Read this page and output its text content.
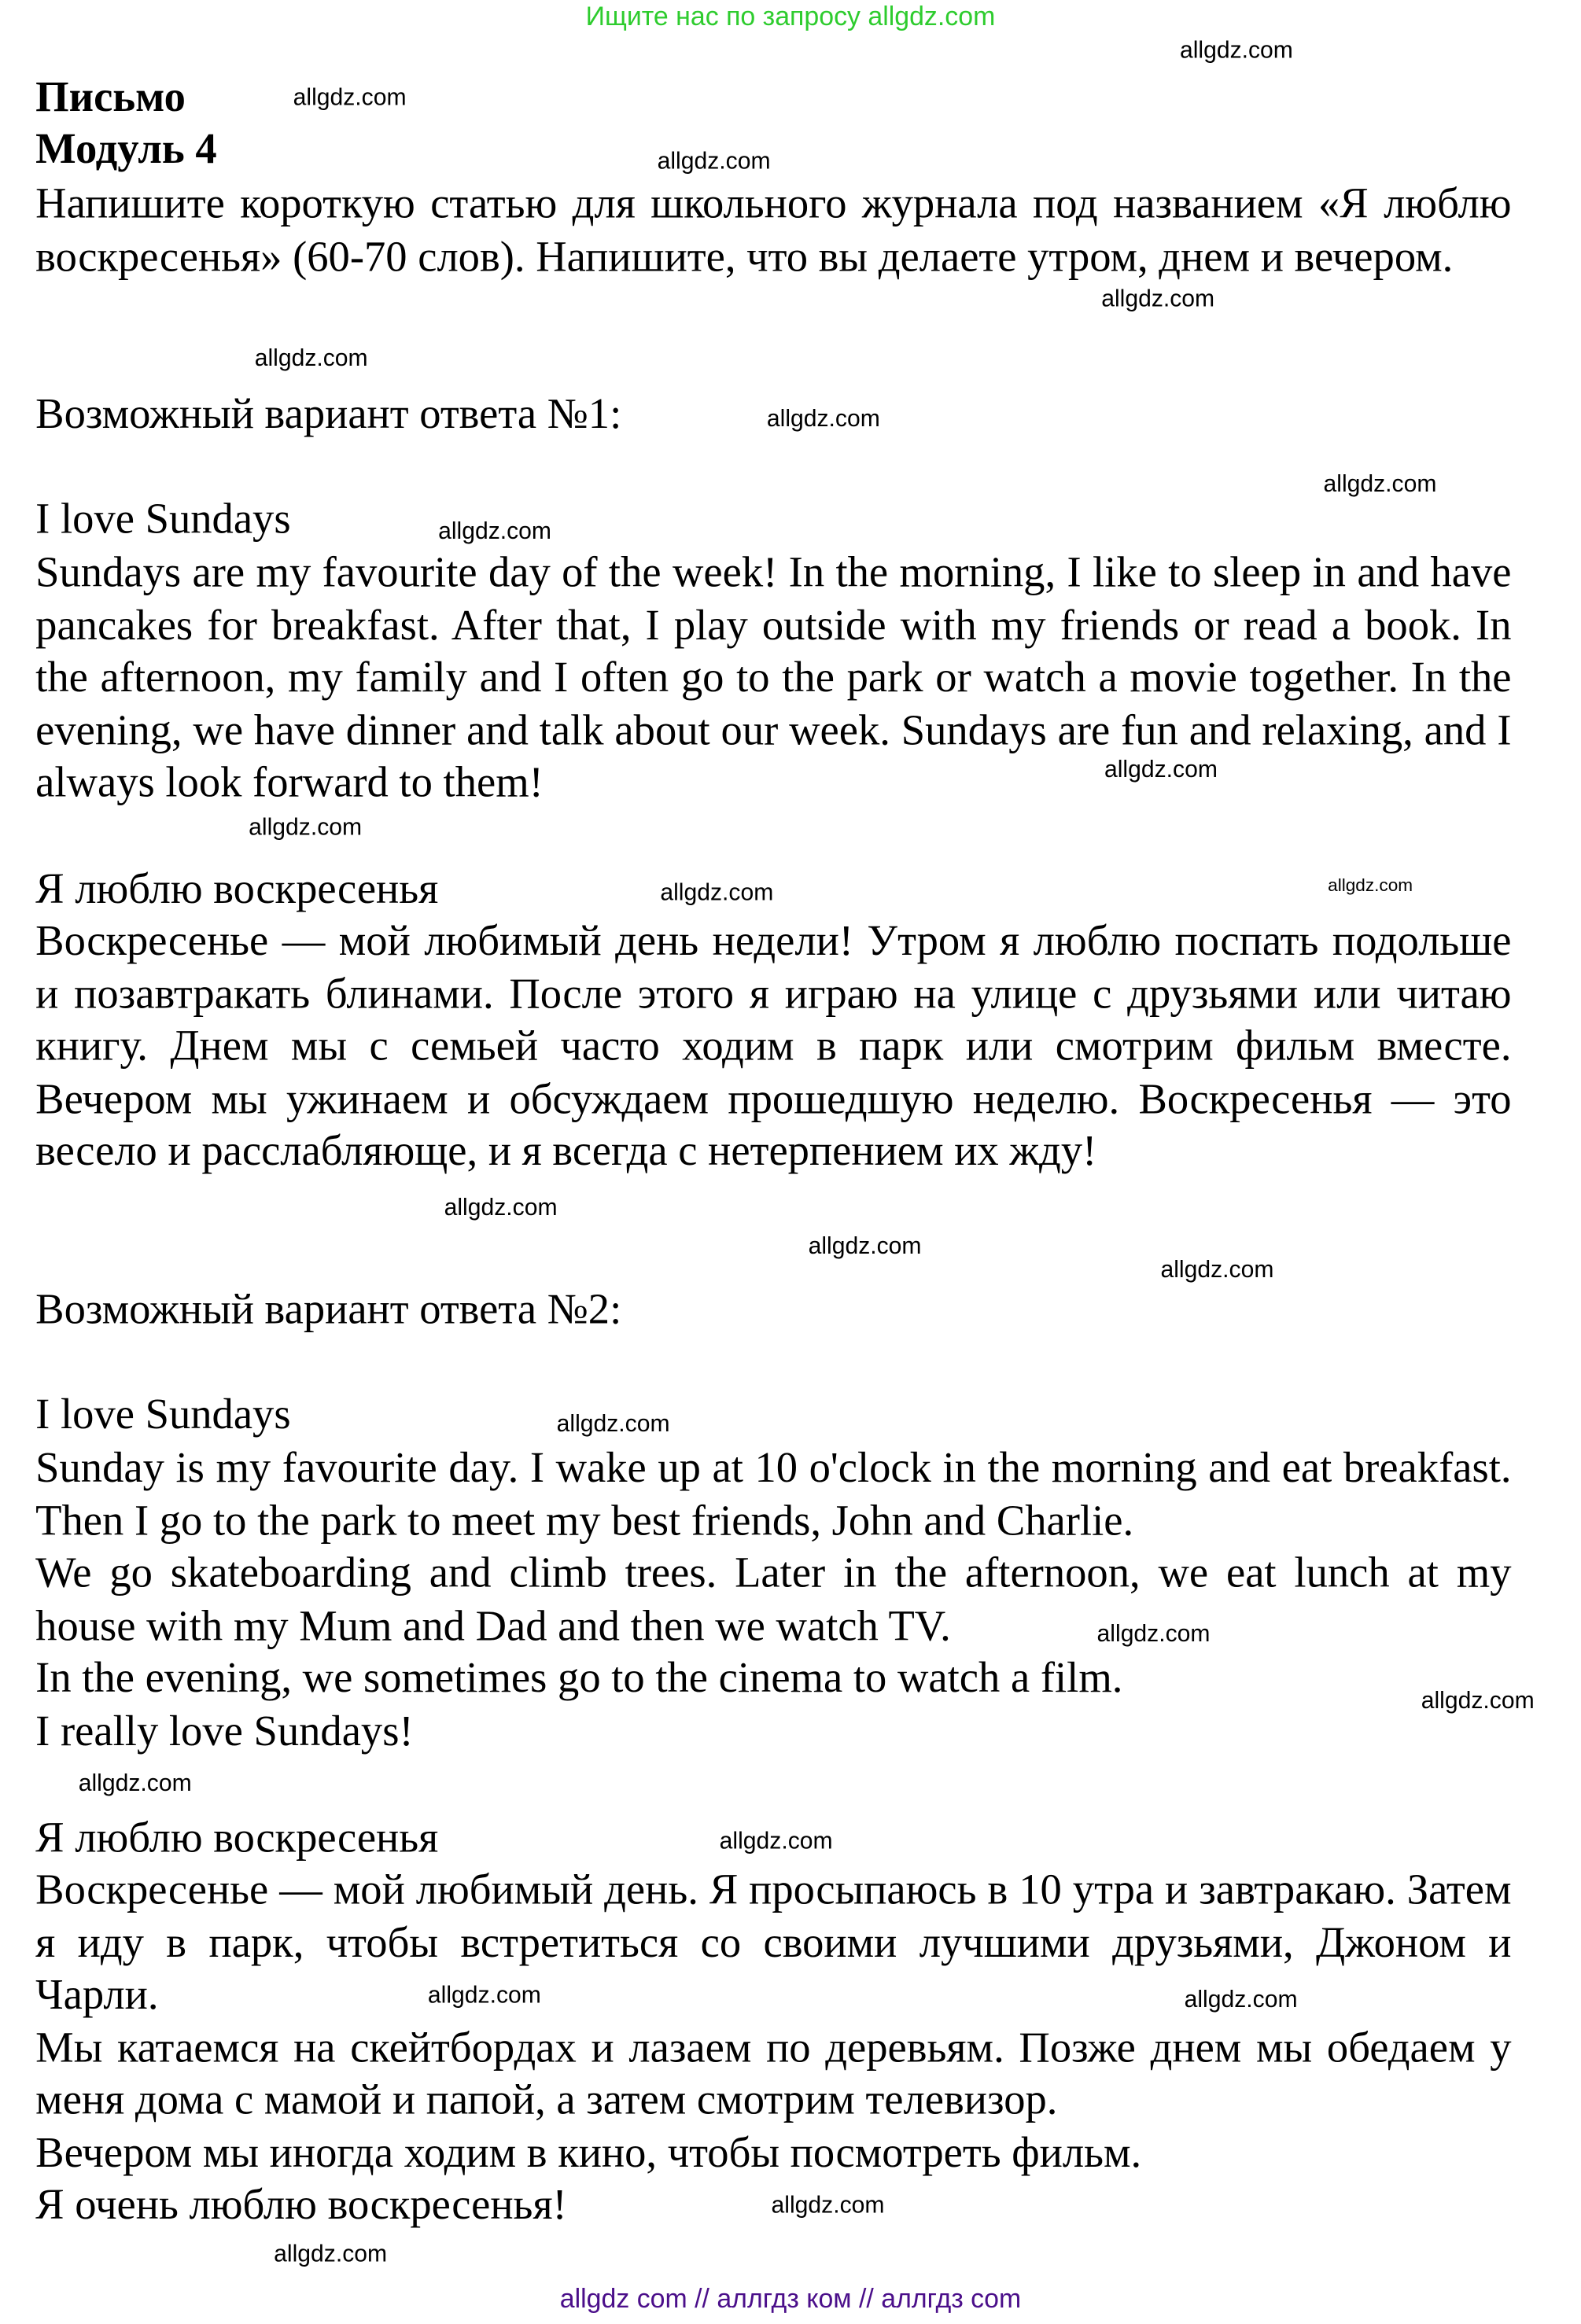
Ищите нас по запросу allgdz.com
Письмо
Модуль 4

Напишите короткую статью для школьного журнала под названием «Я люблю воскресенья» (60-70 слов). Напишите, что вы делаете утром, днем и вечером.

Возможный вариант ответа №1:
I love Sundays

Sundays are my favourite day of the week! In the morning, I like to sleep in and have pancakes for breakfast. After that, I play outside with my friends or read a book. In the afternoon, my family and I often go to the park or watch a movie together. In the evening, we have dinner and talk about our week. Sundays are fun and relaxing, and I always look forward to them!

Я люблю воскресенья

Воскресенье — мой любимый день недели! Утром я люблю поспать подольше и позавтракать блинами. После этого я играю на улице с друзьями или читаю книгу. Днем мы с семьей часто ходим в парк или смотрим фильм вместе. Вечером мы ужинаем и обсуждаем прошедшую неделю. Воскресенья — это весело и расслабляюще, и я всегда с нетерпением их жду!

Возможный вариант ответа №2:
I love Sundays

Sunday is my favourite day. I wake up at 10 o'clock in the morning and eat breakfast. Then I go to the park to meet my best friends, John and Charlie.

We go skateboarding and climb trees. Later in the afternoon, we eat lunch at my house with my Mum and Dad and then we watch TV.

In the evening, we sometimes go to the cinema to watch a film.

I really love Sundays!

Я люблю воскресенья

Воскресенье — мой любимый день. Я просыпаюсь в 10 утра и завтракаю. Затем я иду в парк, чтобы встретиться со своими лучшими друзьями, Джоном и Чарли.

Мы катаемся на скейтбордах и лазаем по деревьям. Позже днем мы обедаем у меня дома с мамой и папой, а затем смотрим телевизор.

Вечером мы иногда ходим в кино, чтобы посмотреть фильм.

Я очень люблю воскресенья!

allgdz.com
allgdz.com
allgdz.com
allgdz.com
allgdz.com
allgdz.com
allgdz.com
allgdz.com
allgdz.com
allgdz.com
allgdz.com	allgdz.com
allgdz.com
allgdz.com
allgdz.com
allgdz.com
allgdz.com
allgdz.com
allgdz.com
allgdz.com
allgdz.com	allgdz.com
allgdz.com
allgdz.com
allgdz com // аллгдз ком // аллгдз com
